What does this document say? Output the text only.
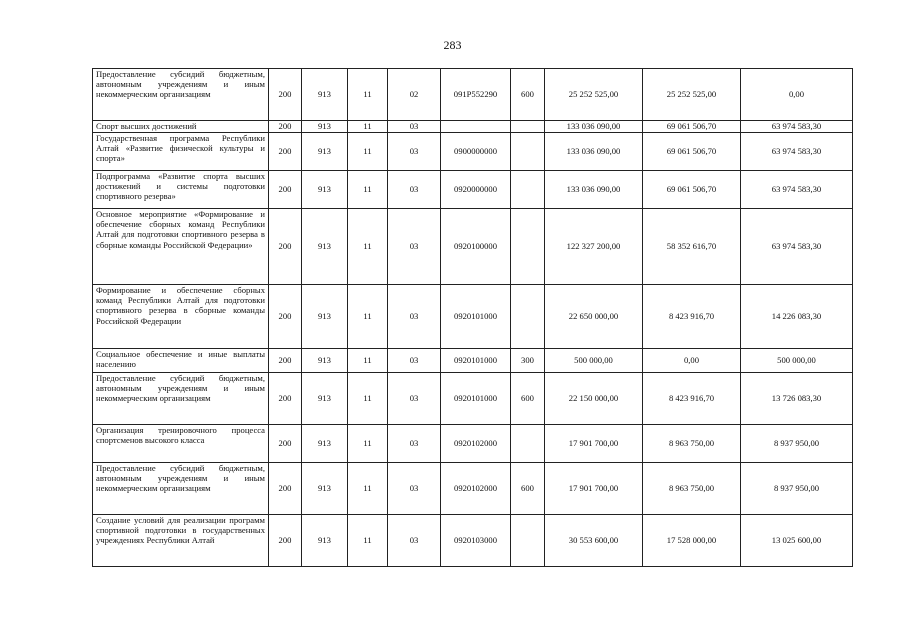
283
Предоставление субсидий бюджетным, автономным учреждениям и иным некоммерческим организациям	200	913	11	02	091P552290	600	25 252 525,00	25 252 525,00	0,00
Спорт высших достижений	200	913	11	03			133 036 090,00	69 061 506,70	63 974 583,30
Государственная программа Республики Алтай «Развитие физической культуры и спорта»	200	913	11	03	0900000000		133 036 090,00	69 061 506,70	63 974 583,30
Подпрограмма «Развитие спорта высших достижений и системы подготовки спортивного резерва»	200	913	11	03	0920000000		133 036 090,00	69 061 506,70	63 974 583,30
Основное мероприятие «Формирование и обеспечение сборных команд Республики Алтай для подготовки спортивного резерва в сборные команды Российской Федерации»	200	913	11	03	0920100000		122 327 200,00	58 352 616,70	63 974 583,30
Формирование и обеспечение сборных команд Республики Алтай для подготовки спортивного резерва в сборные команды Российской Федерации	200	913	11	03	0920101000		22 650 000,00	8 423 916,70	14 226 083,30
Социальное обеспечение и иные выплаты населению	200	913	11	03	0920101000	300	500 000,00	0,00	500 000,00
Предоставление субсидий бюджетным, автономным учреждениям и иным некоммерческим организациям	200	913	11	03	0920101000	600	22 150 000,00	8 423 916,70	13 726 083,30
Организация тренировочного процесса спортсменов высокого класса	200	913	11	03	0920102000		17 901 700,00	8 963 750,00	8 937 950,00
Предоставление субсидий бюджетным, автономным учреждениям и иным некоммерческим организациям	200	913	11	03	0920102000	600	17 901 700,00	8 963 750,00	8 937 950,00
Создание условий для реализации программ спортивной подготовки в государственных учреждениях Республики Алтай	200	913	11	03	0920103000		30 553 600,00	17 528 000,00	13 025 600,00
